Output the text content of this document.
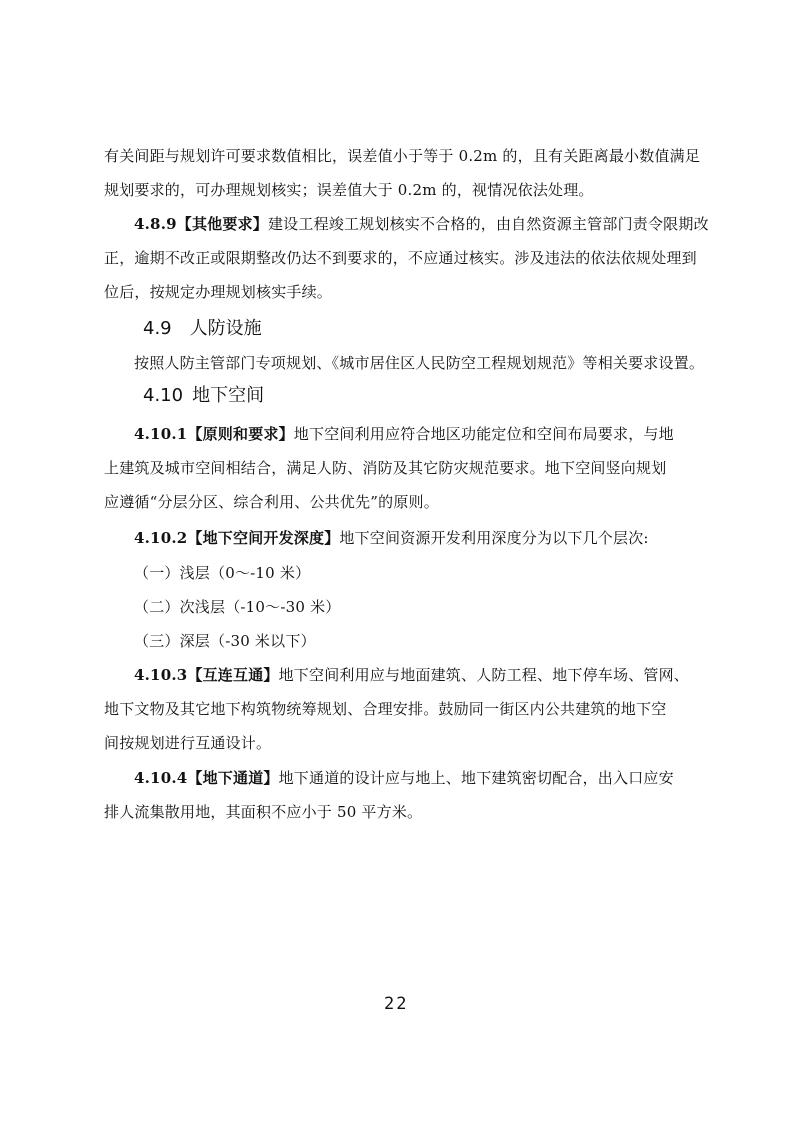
有关间距与规划许可要求数值相比，误差值小于等于 0.2m 的，且有关距离最小数值满足
规划要求的，可办理规划核实；误差值大于 0.2m 的，视情况依法处理。
4.8.9【其他要求】建设工程竣工规划核实不合格的，由自然资源主管部门责令限期改
正，逾期不改正或限期整改仍达不到要求的，不应通过核实。涉及违法的依法依规处理到
位后，按规定办理规划核实手续。
4.9 人防设施
按照人防主管部门专项规划、《城市居住区人民防空工程规划规范》等相关要求设置。
4.10 地下空间
4.10.1【原则和要求】地下空间利用应符合地区功能定位和空间布局要求，与地
上建筑及城市空间相结合，满足人防、消防及其它防灾规范要求。地下空间竖向规划
应遵循“分层分区、综合利用、公共优先”的原则。
4.10.2【地下空间开发深度】地下空间资源开发利用深度分为以下几个层次:
（一）浅层（0～-10 米）
（二）次浅层（-10～-30 米）
（三）深层（-30 米以下）
4.10.3【互连互通】地下空间利用应与地面建筑、人防工程、地下停车场、管网、
地下文物及其它地下构筑物统筹规划、合理安排。鼓励同一街区内公共建筑的地下空
间按规划进行互通设计。
4.10.4【地下通道】地下通道的设计应与地上、地下建筑密切配合，出入口应安
排人流集散用地，其面积不应小于 50 平方米。
22
